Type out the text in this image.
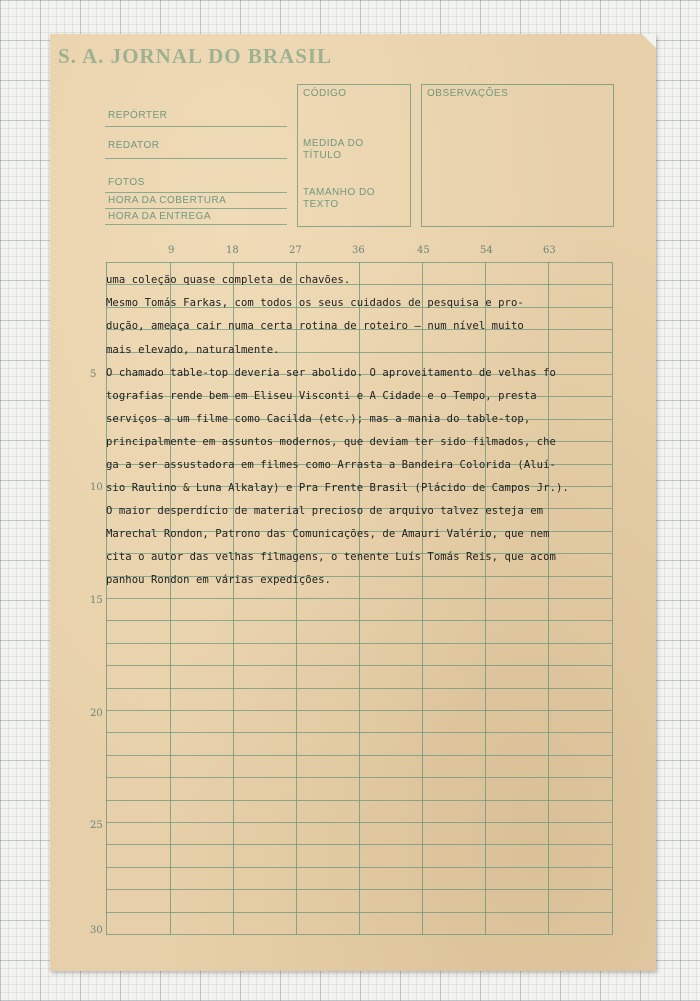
S. A. JORNAL DO BRASIL
REPÓRTER
REDATOR
FOTOS
HORA DA COBERTURA
HORA DA ENTREGA
CÓDIGO
MEDIDA DO
TÍTULO
TAMANHO DO
TEXTO
OBSERVAÇÕES
9	18	27	36	45	54	63
5
10
15
20
25
30
uma coleção quase completa de chavões.
Mesmo Tomás Farkas, com todos os seus cuidados de pesquisa e pro-
dução, ameaça cair numa certa rotina de roteiro — num nível muito
mais elevado, naturalmente.
O chamado table-top deveria ser abolido. O aproveitamento de velhas fo
tografias rende bem em Eliseu Visconti e A Cidade e o Tempo, presta
serviços a um filme como Cacilda (etc.); mas a mania do table-top,
principalmente em assuntos modernos, que deviam ter sido filmados, che
ga a ser assustadora em filmes como Arrasta a Bandeira Colorida (Aluí-
sio Raulino & Luna Alkalay) e Pra Frente Brasil (Plácido de Campos Jr.).
O maior desperdício de material precioso de arquivo talvez esteja em
Marechal Rondon, Patrono das Comunicações, de Amauri Valério, que nem
cita o autor das velhas filmagens, o tenente Luís Tomás Reis, que acom
panhou Rondon em várias expedições.
